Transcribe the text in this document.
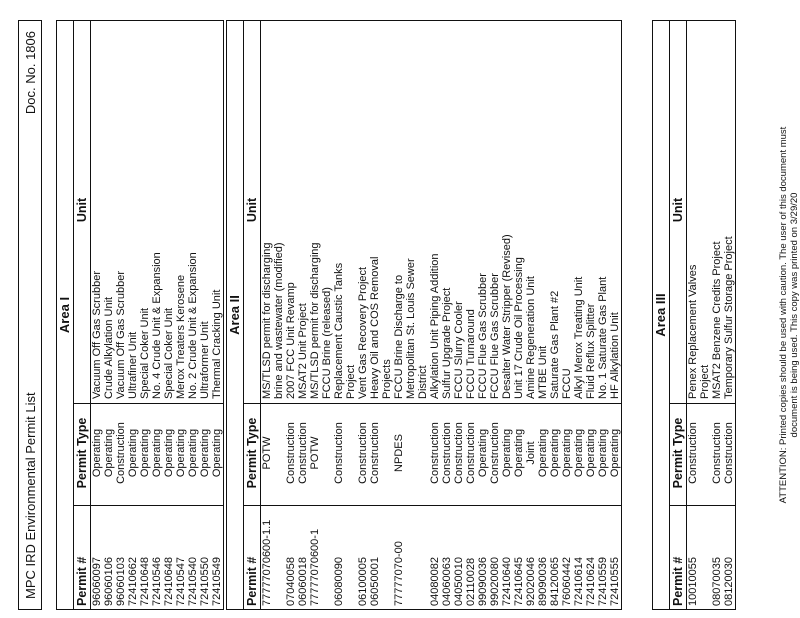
MPC IRD Environmental Permit List
Doc. No. 1806
Area I
Permit #
Permit Type
Unit
96060097
Operating
Vacuum Off Gas Scrubber
96060106
Operating
Crude Alkylation Unit
96060103
Construction
Vacuum Off Gas Scrubber
72410662
Operating
Ultrafiner Unit
72410648
Operating
Special Coker Unit
72410546
Operating
No. 4 Crude Unit & Expansion
72410648
Operating
Special Coker Unit
72410547
Operating
Merox Treaters Kerosene
72410540
Operating
No. 2 Crude Unit & Expansion
72410550
Operating
Ultraformer Unit
72410549
Operating
Thermal Cracking Unit Area II
Permit #
Permit Type
Unit
77777070600-1.1
POTW
MS/TLSD permit for discharging brine and wastewater (modified)
07040058
Construction
2007 FCC Unit Revamp
06060018
Construction
MSAT2 Unit Project
77777070600-1
POTW
MS/TLSD permit for discharging FCCU Brine (released)
06080090
Construction
Replacement Caustic Tanks Project
06100005
Construction
Vent Gas Recovery Project
06050001
Construction
Heavy Oil and COS Removal Projects
77777070-00
NPDES
FCCU Brine Discharge to Metropolitan St. Louis Sewer District
04080082
Construction
Alkylation Unit Piping Addition
04060063
Construction
Sulfur Upgrade Project
04050010
Construction
FCCU Slurry Cooler
02110028
Construction
FCCU Turnaround
99090036
Operating
FCCU Flue Gas Scrubber
99020080
Construction
FCCU Flue Gas Scrubber
72410640
Operating
Desalter Water Stripper (Revised)
72410645
Operating
Unit 17 Crude Oil Processing
92020046
Joint
Amine Regeneration Unit
89090036
Operating
MTBE Unit
84120065
Operating
Saturate Gas Plant #2
76060442
Operating
FCCU
72410614
Operating
Alkyl Merox Treating Unit
72410624
Operating
Fluid Reflux Splitter
72410559
Operating
No. 1 Saturate Gas Plant
72410555
Operating
HF Alkylation Unit Area III
Permit #
Permit Type
Unit
10010055
Construction
Penex Replacement Valves Project
08070035
Construction
MSAT2 Benzene Credits Project
08120030
Construction
Temporary Sulfur Storage Project	ATTENTION: Printed copies should be used with caution. The user of this document must document is being used. This copy was printed on 3/29/20
